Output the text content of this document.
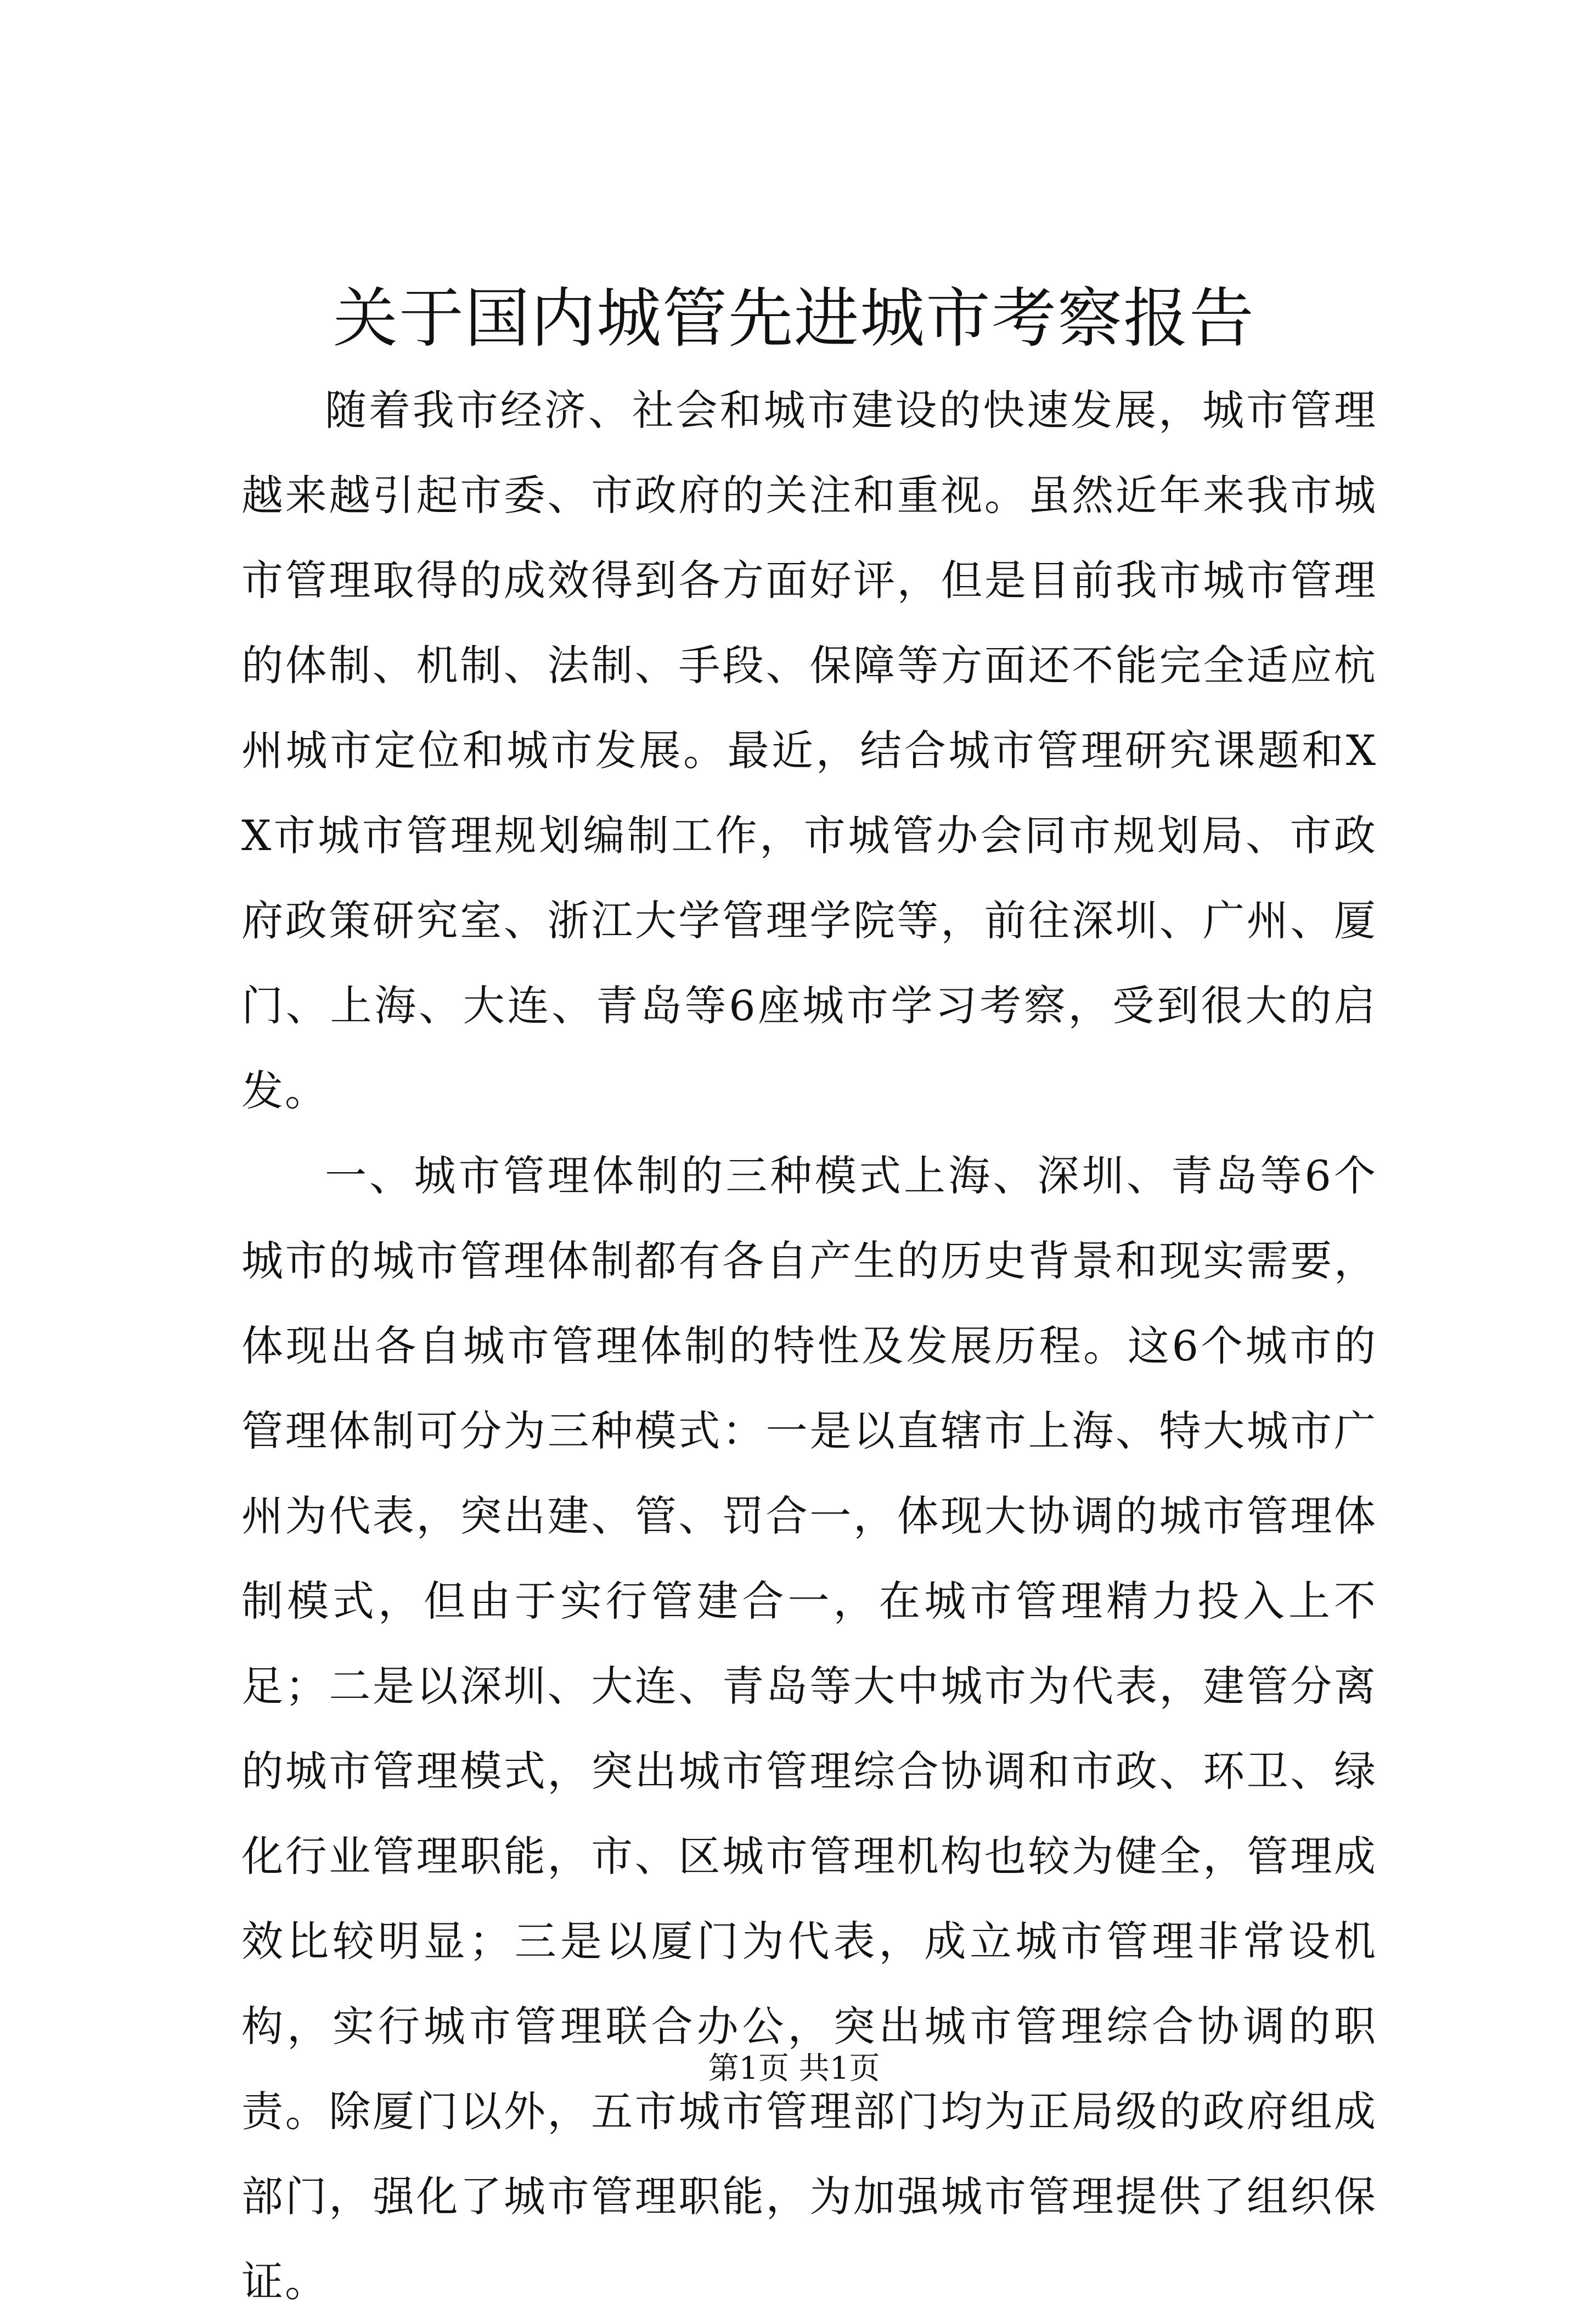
关于国内城管先进城市考察报告

随着我市经济、社会和城市建设的快速发展，城市管理越来越引起市委、市政府的关注和重视。虽然近年来我市城市管理取得的成效得到各方面好评，但是目前我市城市管理的体制、机制、法制、手段、保障等方面还不能完全适应杭州城市定位和城市发展。最近，结合城市管理研究课题和XX市城市管理规划编制工作，市城管办会同市规划局、市政府政策研究室、浙江大学管理学院等，前往深圳、广州、厦门、上海、大连、青岛等6座城市学习考察，受到很大的启发。

一、城市管理体制的三种模式上海、深圳、青岛等6个城市的城市管理体制都有各自产生的历史背景和现实需要，体现出各自城市管理体制的特性及发展历程。这6个城市的管理体制可分为三种模式：一是以直辖市上海、特大城市广州为代表，突出建、管、罚合一，体现大协调的城市管理体制模式，但由于实行管建合一，在城市管理精力投入上不足；二是以深圳、大连、青岛等大中城市为代表，建管分离的城市管理模式，突出城市管理综合协调和市政、环卫、绿化行业管理职能，市、区城市管理机构也较为健全，管理成效比较明显；三是以厦门为代表，成立城市管理非常设机构，实行城市管理联合办公，突出城市管理综合协调的职责。除厦门以外，五市城市管理部门均为正局级的政府组成部门，强化了城市管理职能，为加强城市管理提供了组织保证。

第1页 共1页
